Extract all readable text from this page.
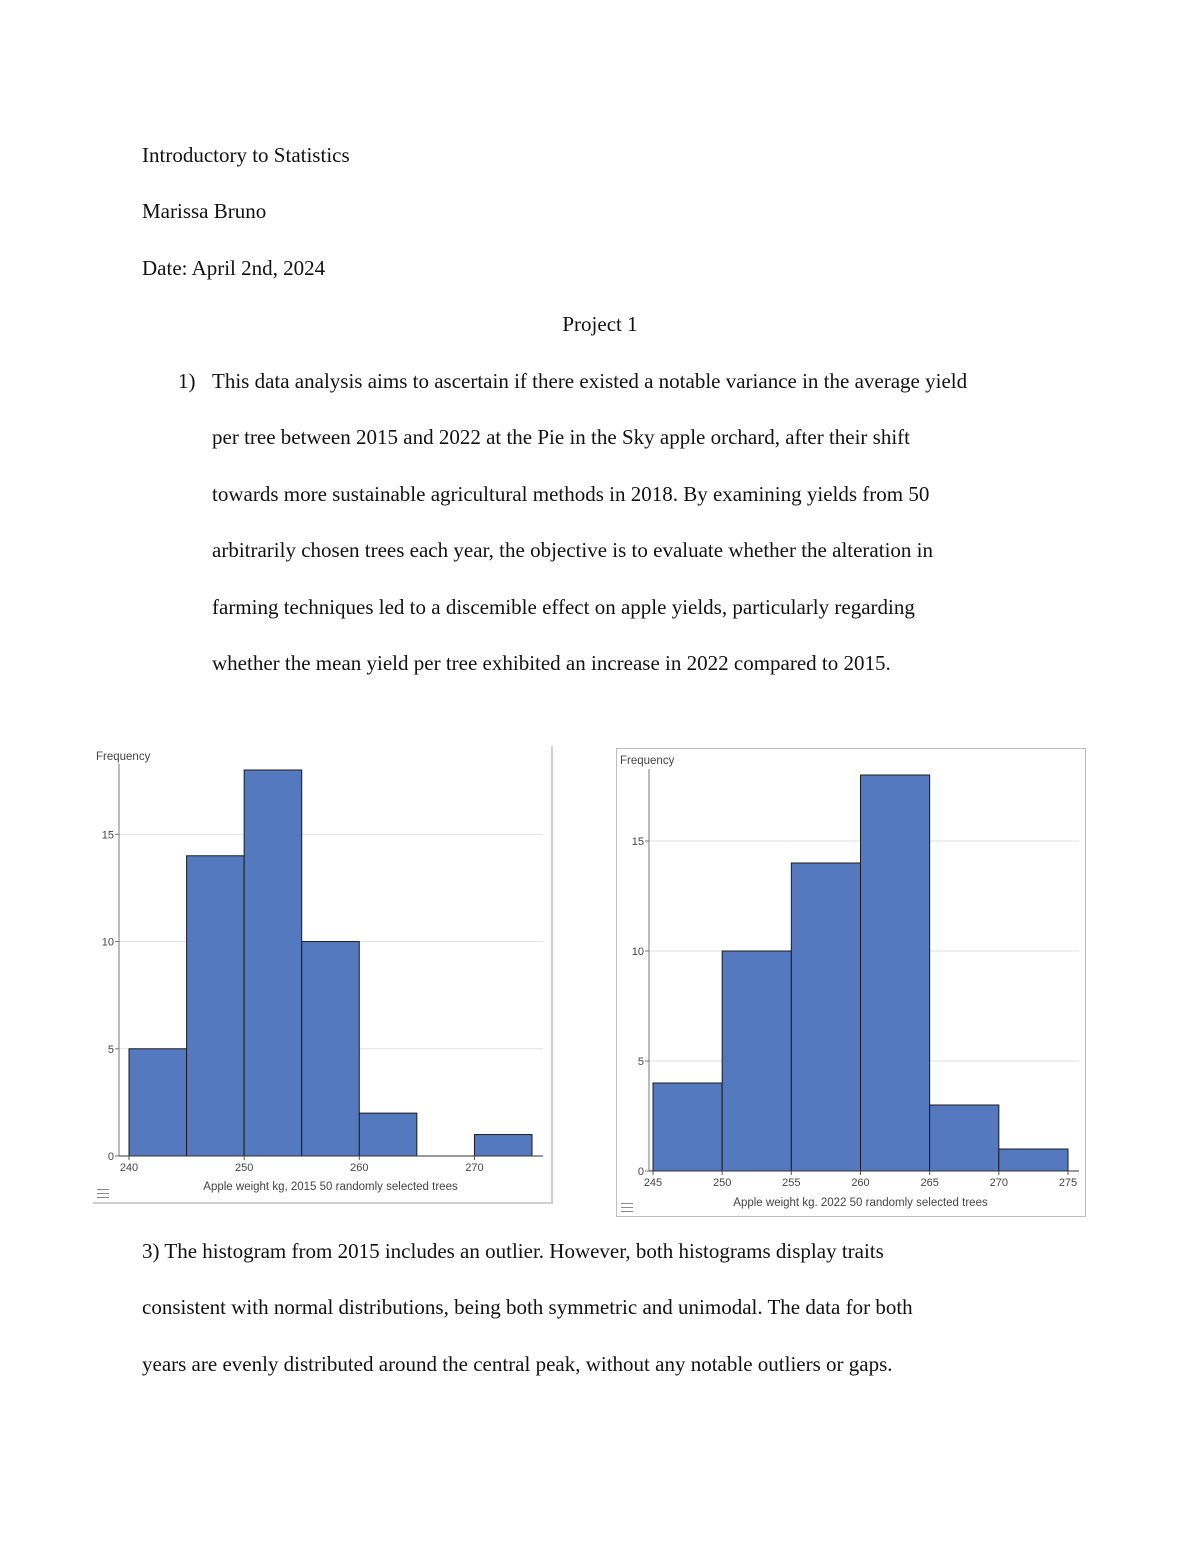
Introductory to Statistics
Marissa Bruno
Date: April 2nd, 2024
Project 1
1) This data analysis aims to ascertain if there existed a notable variance in the average yield
per tree between 2015 and 2022 at the Pie in the Sky apple orchard, after their shift
towards more sustainable agricultural methods in 2018. By examining yields from 50
arbitrarily chosen trees each year, the objective is to evaluate whether the alteration in
farming techniques led to a discemible effect on apple yields, particularly regarding
whether the mean yield per tree exhibited an increase in 2022 compared to 2015.
0
5
10
15
240	250	260	270
Frequency
Apple weight kg, 2015 50 randomly selected trees
0
5
10
15
245	250	255	260	265	270	275
Frequency
Apple weight kg. 2022 50 randomly selected trees
3) The histogram from 2015 includes an outlier. However, both histograms display traits
consistent with normal distributions, being both symmetric and unimodal. The data for both
years are evenly distributed around the central peak, without any notable outliers or gaps.
